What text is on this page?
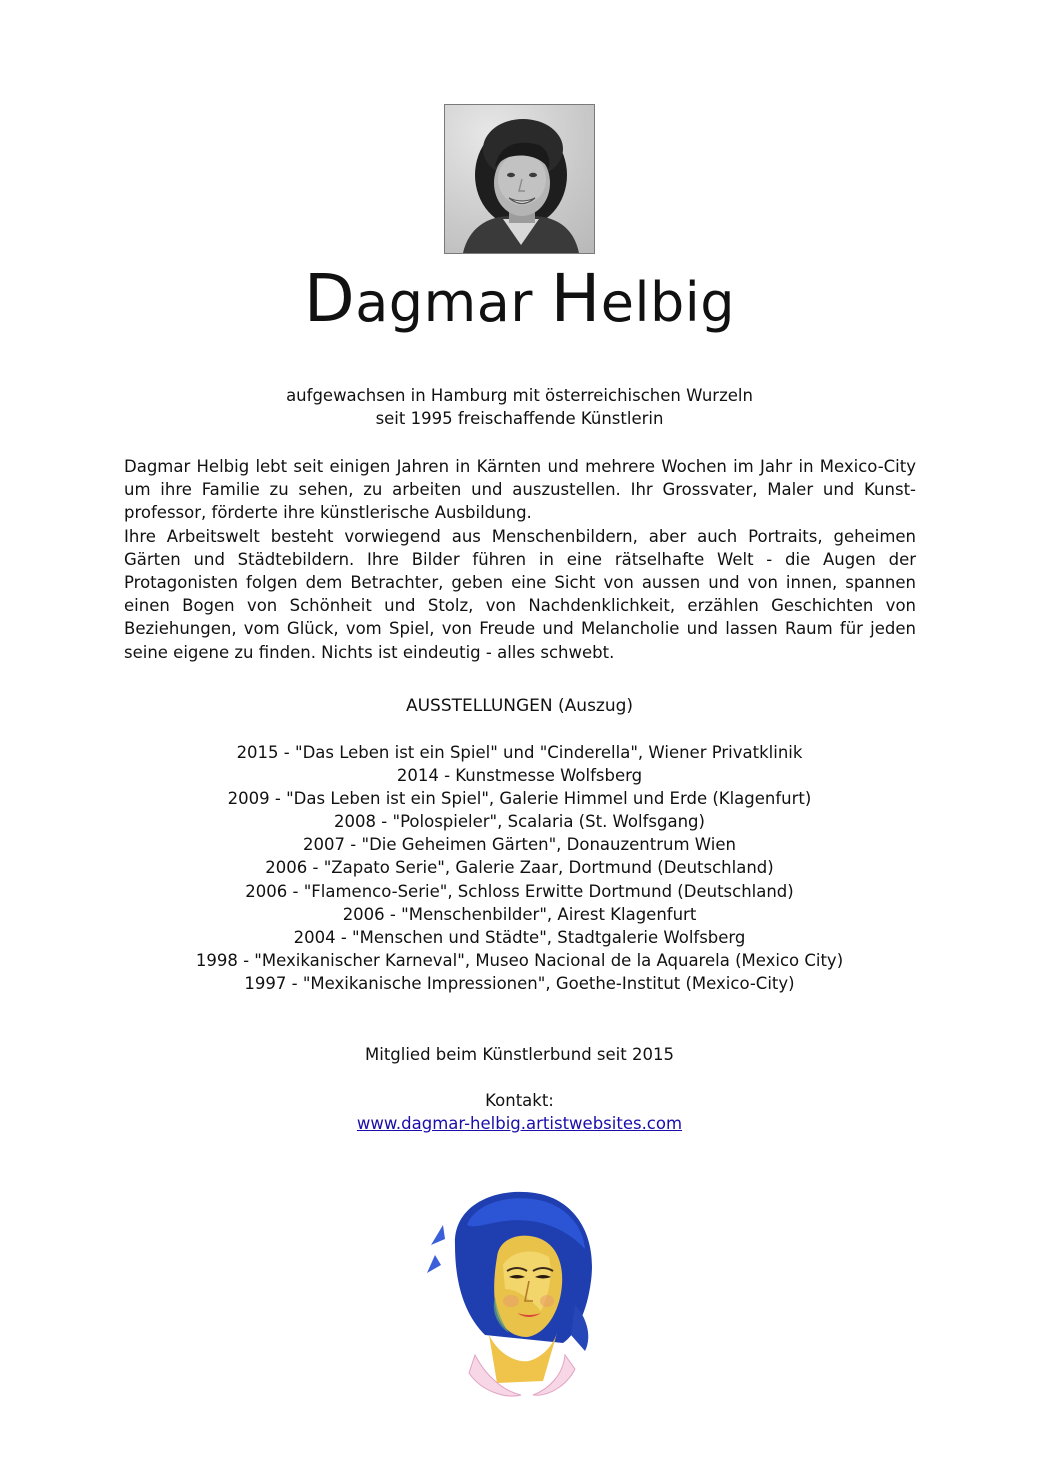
Dagmar Helbig
aufgewachsen in Hamburg mit österreichischen Wurzeln
seit 1995 freischaffende Künstlerin

Dagmar Helbig lebt seit einigen Jahren in Kärnten und mehrere Wochen im Jahr in Mexico-City um ihre Familie zu sehen, zu arbeiten und auszustellen. Ihr Grossvater, Maler und Kunst-professor, förderte ihre künstlerische Ausbildung.

Ihre Arbeitswelt besteht vorwiegend aus Menschenbildern, aber auch Portraits, geheimen Gärten und Städtebildern. Ihre Bilder führen in eine rätselhafte Welt - die Augen der Protagonisten folgen dem Betrachter, geben eine Sicht von aussen und von innen, spannen einen Bogen von Schönheit und Stolz, von Nachdenklichkeit, erzählen Geschichten von Beziehungen, vom Glück, vom Spiel, von Freude und Melancholie und lassen Raum für jeden seine eigene zu finden. Nichts ist eindeutig - alles schwebt.

AUSSTELLUNGEN (Auszug)
2015 - "Das Leben ist ein Spiel" und "Cinderella", Wiener Privatklinik
2014 - Kunstmesse Wolfsberg
2009 - "Das Leben ist ein Spiel", Galerie Himmel und Erde (Klagenfurt)
2008 - "Polospieler", Scalaria (St. Wolfsgang)
2007 - "Die Geheimen Gärten", Donauzentrum Wien
2006 - "Zapato Serie", Galerie Zaar, Dortmund (Deutschland)
2006 - "Flamenco-Serie", Schloss Erwitte Dortmund (Deutschland)
2006 - "Menschenbilder", Airest Klagenfurt
2004 - "Menschen und Städte", Stadtgalerie Wolfsberg
1998 - "Mexikanischer Karneval", Museo Nacional de la Aquarela (Mexico City)
1997 - "Mexikanische Impressionen", Goethe-Institut (Mexico-City)
Mitglied beim Künstlerbund seit 2015
Kontakt:
www.dagmar-helbig.artistwebsites.com
